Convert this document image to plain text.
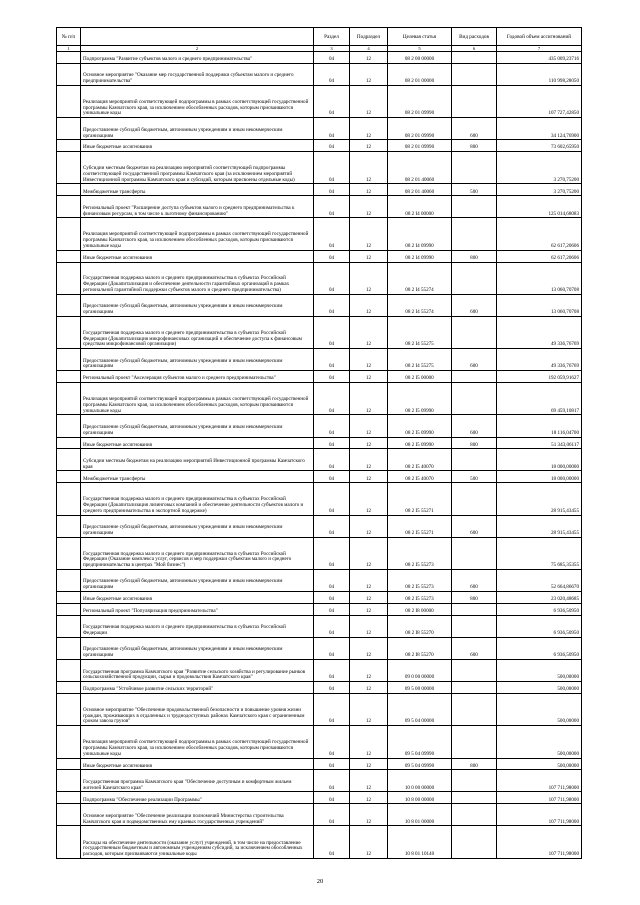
№ п/п		Раздел	Подраздел	Целевая статья	Вид расходов	Годовой объем ассигнований
1	2	3	4	5	6	7
	Подпрограмма "Развитие субъектов малого и среднего предпринимательства"	04	12	08 2 00 00000		435 009,23716
	Основное мероприятие "Оказание мер государственной поддержки субъектам малого и среднего предпринимательства"	04	12	08 2 01 00000		110 998,28050
	Реализация мероприятий соответствующей подпрограммы в рамках соответствующей государственной программы Камчатского края, за исключением обособленных расходов, которым присваиваются уникальные коды	04	12	08 2 01 09990		107 727,42850
	Предоставление субсидий бюджетным, автономным учреждениям и иным некоммерческим организациям	04	12	08 2 01 09990	600	34 124,76900
	Иные бюджетные ассигнования	04	12	08 2 01 09990	800	73 602,65950
	Субсидии местным бюджетам на реализацию мероприятий соответствующей подпрограммы соответствующей государственной программы Камчатского края (за исключением мероприятий Инвестиционной программы Камчатского края и субсидий, которым присвоены отдельные коды)	04	12	08 2 01 40060		3 270,75200
	Межбюджетные трансферты	04	12	08 2 01 40060	500	3 270,75200
	Региональный проект "Расширение доступа субъектов малого и среднего предпринимательства к финансовым ресурсам, в том числе к льготному финансированию"	04	12	08 2 I4 00000		125 014,68083
	Реализация мероприятий соответствующей подпрограммы в рамках соответствующей государственной программы Камчатского края, за исключением обособленных расходов, которым присваиваются уникальные коды	04	12	08 2 I4 09990		62 617,20606
	Иные бюджетные ассигнования	04	12	08 2 I4 09990	800	62 617,20606
	Государственная поддержка малого и среднего предпринимательства в субъектах Российской Федерации (Докапитализация и обеспечение деятельности гарантийных организаций в рамках региональной гарантийной поддержки субъектов малого и среднего предпринимательства)	04	12	08 2 I4 55274		13 060,70708
	Предоставление субсидий бюджетным, автономным учреждениям и иным некоммерческим организациям	04	12	08 2 I4 55274	600	13 060,70708
	Государственная поддержка малого и среднего предпринимательства в субъектах Российской Федерации (Докапитализация микрофинансовых организаций и обеспечение доступа к финансовым средствам микрофинансовой организации)	04	12	08 2 I4 55275		49 336,76769
	Предоставление субсидий бюджетным, автономным учреждениям и иным некоммерческим организациям	04	12	08 2 I4 55275	600	49 336,76769
	Региональный проект "Акселерация субъектов малого и среднего предпринимательства"	04	12	08 2 I5 00000		192 059,91627
	Реализация мероприятий соответствующей подпрограммы в рамках соответствующей государственной программы Камчатского края, за исключением обособленных расходов, которым присваиваются уникальные коды	04	12	08 2 I5 09990		69 459,10817
	Предоставление субсидий бюджетным, автономным учреждениям и иным некоммерческим организациям	04	12	08 2 I5 09990	600	18 116,04700
	Иные бюджетные ассигнования	04	12	08 2 I5 09990	800	51 343,06117
	Субсидии местным бюджетам на реализацию мероприятий Инвестиционной программы Камчатского края	04	12	08 2 I5 40070		18 000,00000
	Межбюджетные трансферты	04	12	08 2 I5 40070	500	18 000,00000
	Государственная поддержка малого и среднего предпринимательства в субъектах Российской Федерации (Докапитализация лизинговых компаний и обеспечение деятельности субъектов малого и среднего предпринимательства в экспортной поддержке)	04	12	08 2 I5 55271		28 915,43455
	Предоставление субсидий бюджетным, автономным учреждениям и иным некоммерческим организациям	04	12	08 2 I5 55271	600	28 915,43455
	Государственная поддержка малого и среднего предпринимательства в субъектах Российской Федерации (Оказание комплекса услуг, сервисов и мер поддержки субъектам малого и среднего предпринимательства в центрах "Мой бизнес")	04	12	08 2 I5 55273		75 685,35355
	Предоставление субсидий бюджетным, автономным учреждениям и иным некоммерческим организациям	04	12	08 2 I5 55273	600	52 664,86670
	Иные бюджетные ассигнования	04	12	08 2 I5 55273	800	23 020,48685
	Региональный проект "Популяризация предпринимательства"	04	12	08 2 I8 00000		6 936,50950
	Государственная поддержка малого и среднего предпринимательства в субъектах Российской Федерации	04	12	08 2 I8 55270		6 936,50950
	Предоставление субсидий бюджетным, автономным учреждениям и иным некоммерческим организациям	04	12	08 2 I8 55270	600	6 936,50950
	Государственная программа Камчатского края "Развитие сельского хозяйства и регулирование рынков сельскохозяйственной продукции, сырья и продовольствия Камчатского края"	04	12	09 0 00 00000		500,00000
	Подпрограмма "Устойчивое развитие сельских территорий"	04	12	09 5 00 00000		500,00000
	Основное мероприятие "Обеспечение продовольственной безопасности и повышение уровня жизни граждан, проживающих в отдаленных и труднодоступных районах Камчатского края с ограниченным сроком завоза грузов"	04	12	09 5 04 00000		500,00000
	Реализация мероприятий соответствующей подпрограммы в рамках соответствующей государственной программы Камчатского края, за исключением обособленных расходов, которым присваиваются уникальные коды	04	12	09 5 04 09990		500,00000
	Иные бюджетные ассигнования	04	12	09 5 04 09990	800	500,00000
	Государственная программа Камчатского края "Обеспечение доступным и комфортным жильем жителей Камчатского края"	04	12	10 0 00 00000		107 711,98000
	Подпрограмма "Обеспечение реализации Программы"	04	12	10 8 00 00000		107 711,98000
	Основное мероприятие "Обеспечение реализации полномочий Министерства строительства Камчатского края и подведомственных ему краевых государственных учреждений"	04	12	10 8 01 00000		107 711,98000
	Расходы на обеспечение деятельности (оказание услуг) учреждений, в том числе на предоставление государственным бюджетным и автономным учреждениям субсидий, за исключением обособленных расходов, которым присваиваются уникальные коды	04	12	10 8 01 10140		107 711,98000
20
